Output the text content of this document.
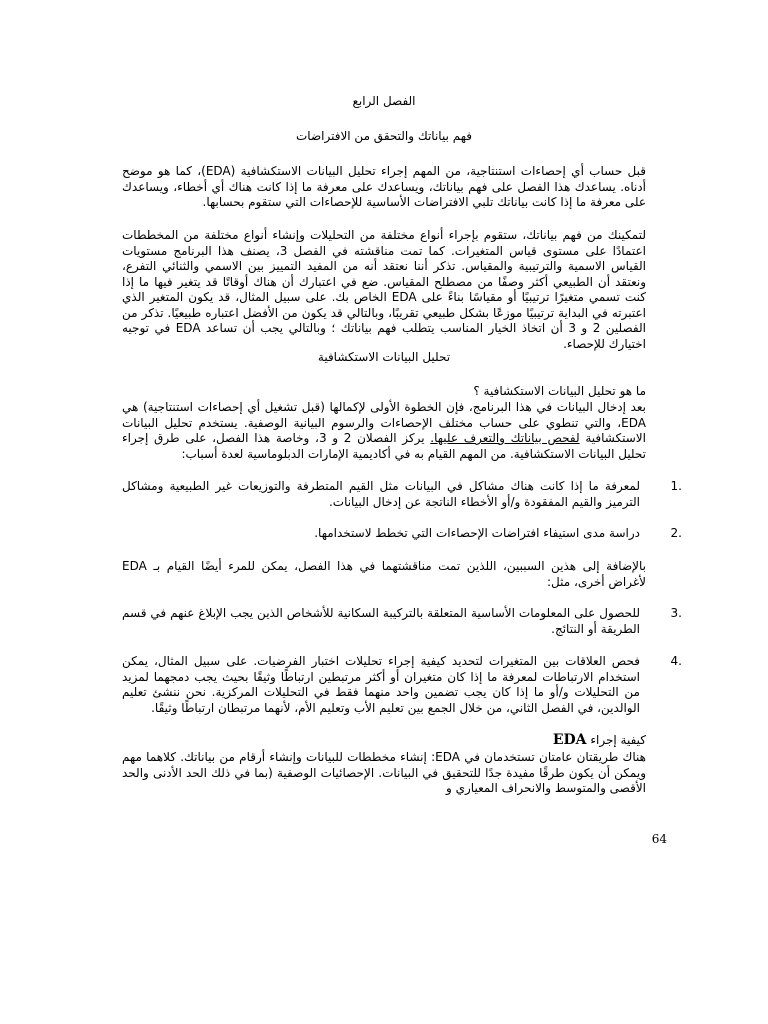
الفصل الرابع
فهم بياناتك والتحقق من الافتراضات
قبل حساب أي إحصاءات استنتاجية، من المهم إجراء تحليل البيانات الاستكشافية (EDA)، كما هو موضح أدناه. يساعدك هذا الفصل على فهم بياناتك، ويساعدك على معرفة ما إذا كانت هناك أي أخطاء، ويساعدك على معرفة ما إذا كانت بياناتك تلبي الافتراضات الأساسية للإحصاءات التي ستقوم بحسابها.
لتمكينك من فهم بياناتك، ستقوم بإجراء أنواع مختلفة من التحليلات وإنشاء أنواع مختلفة من المخططات اعتمادًا على مستوى قياس المتغيرات. كما تمت مناقشته في الفصل 3، يصنف هذا البرنامج مستويات القياس الاسمية والترتيبية والمقياس. تذكر أننا نعتقد أنه من المفيد التمييز بين الاسمي والثنائي التفرع، ونعتقد أن الطبيعي أكثر وصفًا من مصطلح المقياس. ضع في اعتبارك أن هناك أوقاتًا قد يتغير فيها ما إذا كنت تسمي متغيرًا ترتيبيًا أو مقياسًا بناءً على EDA الخاص بك. على سبيل المثال، قد يكون المتغير الذي اعتبرته في البداية ترتيبيًا موزعًا بشكل طبيعي تقريبًا، وبالتالي قد يكون من الأفضل اعتباره طبيعيًا. تذكر من الفصلين 2 و 3 أن اتخاذ الخيار المناسب يتطلب فهم بياناتك ؛ وبالتالي يجب أن تساعد EDA في توجيه اختيارك للإحصاء.
تحليل البيانات الاستكشافية
ما هو تحليل البيانات الاستكشافية ؟
بعد إدخال البيانات في هذا البرنامج، فإن الخطوة الأولى لإكمالها (قبل تشغيل أي إحصاءات استنتاجية) هي EDA، والتي تنطوي على حساب مختلف الإحصاءات والرسوم البيانية الوصفية. يستخدم تحليل البيانات الاستكشافية لفحص بياناتك والتعرف عليها. يركز الفصلان 2 و 3، وخاصة هذا الفصل، على طرق إجراء تحليل البيانات الاستكشافية. من المهم القيام به في أكاديمية الإمارات الدبلوماسية لعدة أسباب:
1.
لمعرفة ما إذا كانت هناك مشاكل في البيانات مثل القيم المتطرفة والتوزيعات غير الطبيعية ومشاكل الترميز والقيم المفقودة و/أو الأخطاء الناتجة عن إدخال البيانات.
2.
دراسة مدى استيفاء افتراضات الإحصاءات التي تخطط لاستخدامها.
بالإضافة إلى هذين السببين، اللذين تمت مناقشتهما في هذا الفصل، يمكن للمرء أيضًا القيام بـ EDA لأغراض أخرى، مثل:
3.
للحصول على المعلومات الأساسية المتعلقة بالتركيبة السكانية للأشخاص الذين يجب الإبلاغ عنهم في قسم الطريقة أو النتائج.
4.
فحص العلاقات بين المتغيرات لتحديد كيفية إجراء تحليلات اختبار الفرضيات. على سبيل المثال، يمكن استخدام الارتباطات لمعرفة ما إذا كان متغيران أو أكثر مرتبطين ارتباطًا وثيقًا بحيث يجب دمجهما لمزيد من التحليلات و/أو ما إذا كان يجب تضمين واحد منهما فقط في التحليلات المركزية. نحن ننشئ تعليم الوالدين، في الفصل الثاني، من خلال الجمع بين تعليم الأب وتعليم الأم، لأنهما مرتبطان ارتباطًا وثيقًا.
كيفية إجراء EDA
هناك طريقتان عامتان تستخدمان في EDA: إنشاء مخططات للبيانات وإنشاء أرقام من بياناتك. كلاهما مهم ويمكن أن يكون طرقًا مفيدة جدًا للتحقيق في البيانات. الإحصائيات الوصفية (بما في ذلك الحد الأدنى والحد الأقصى والمتوسط والانحراف المعياري و
64
